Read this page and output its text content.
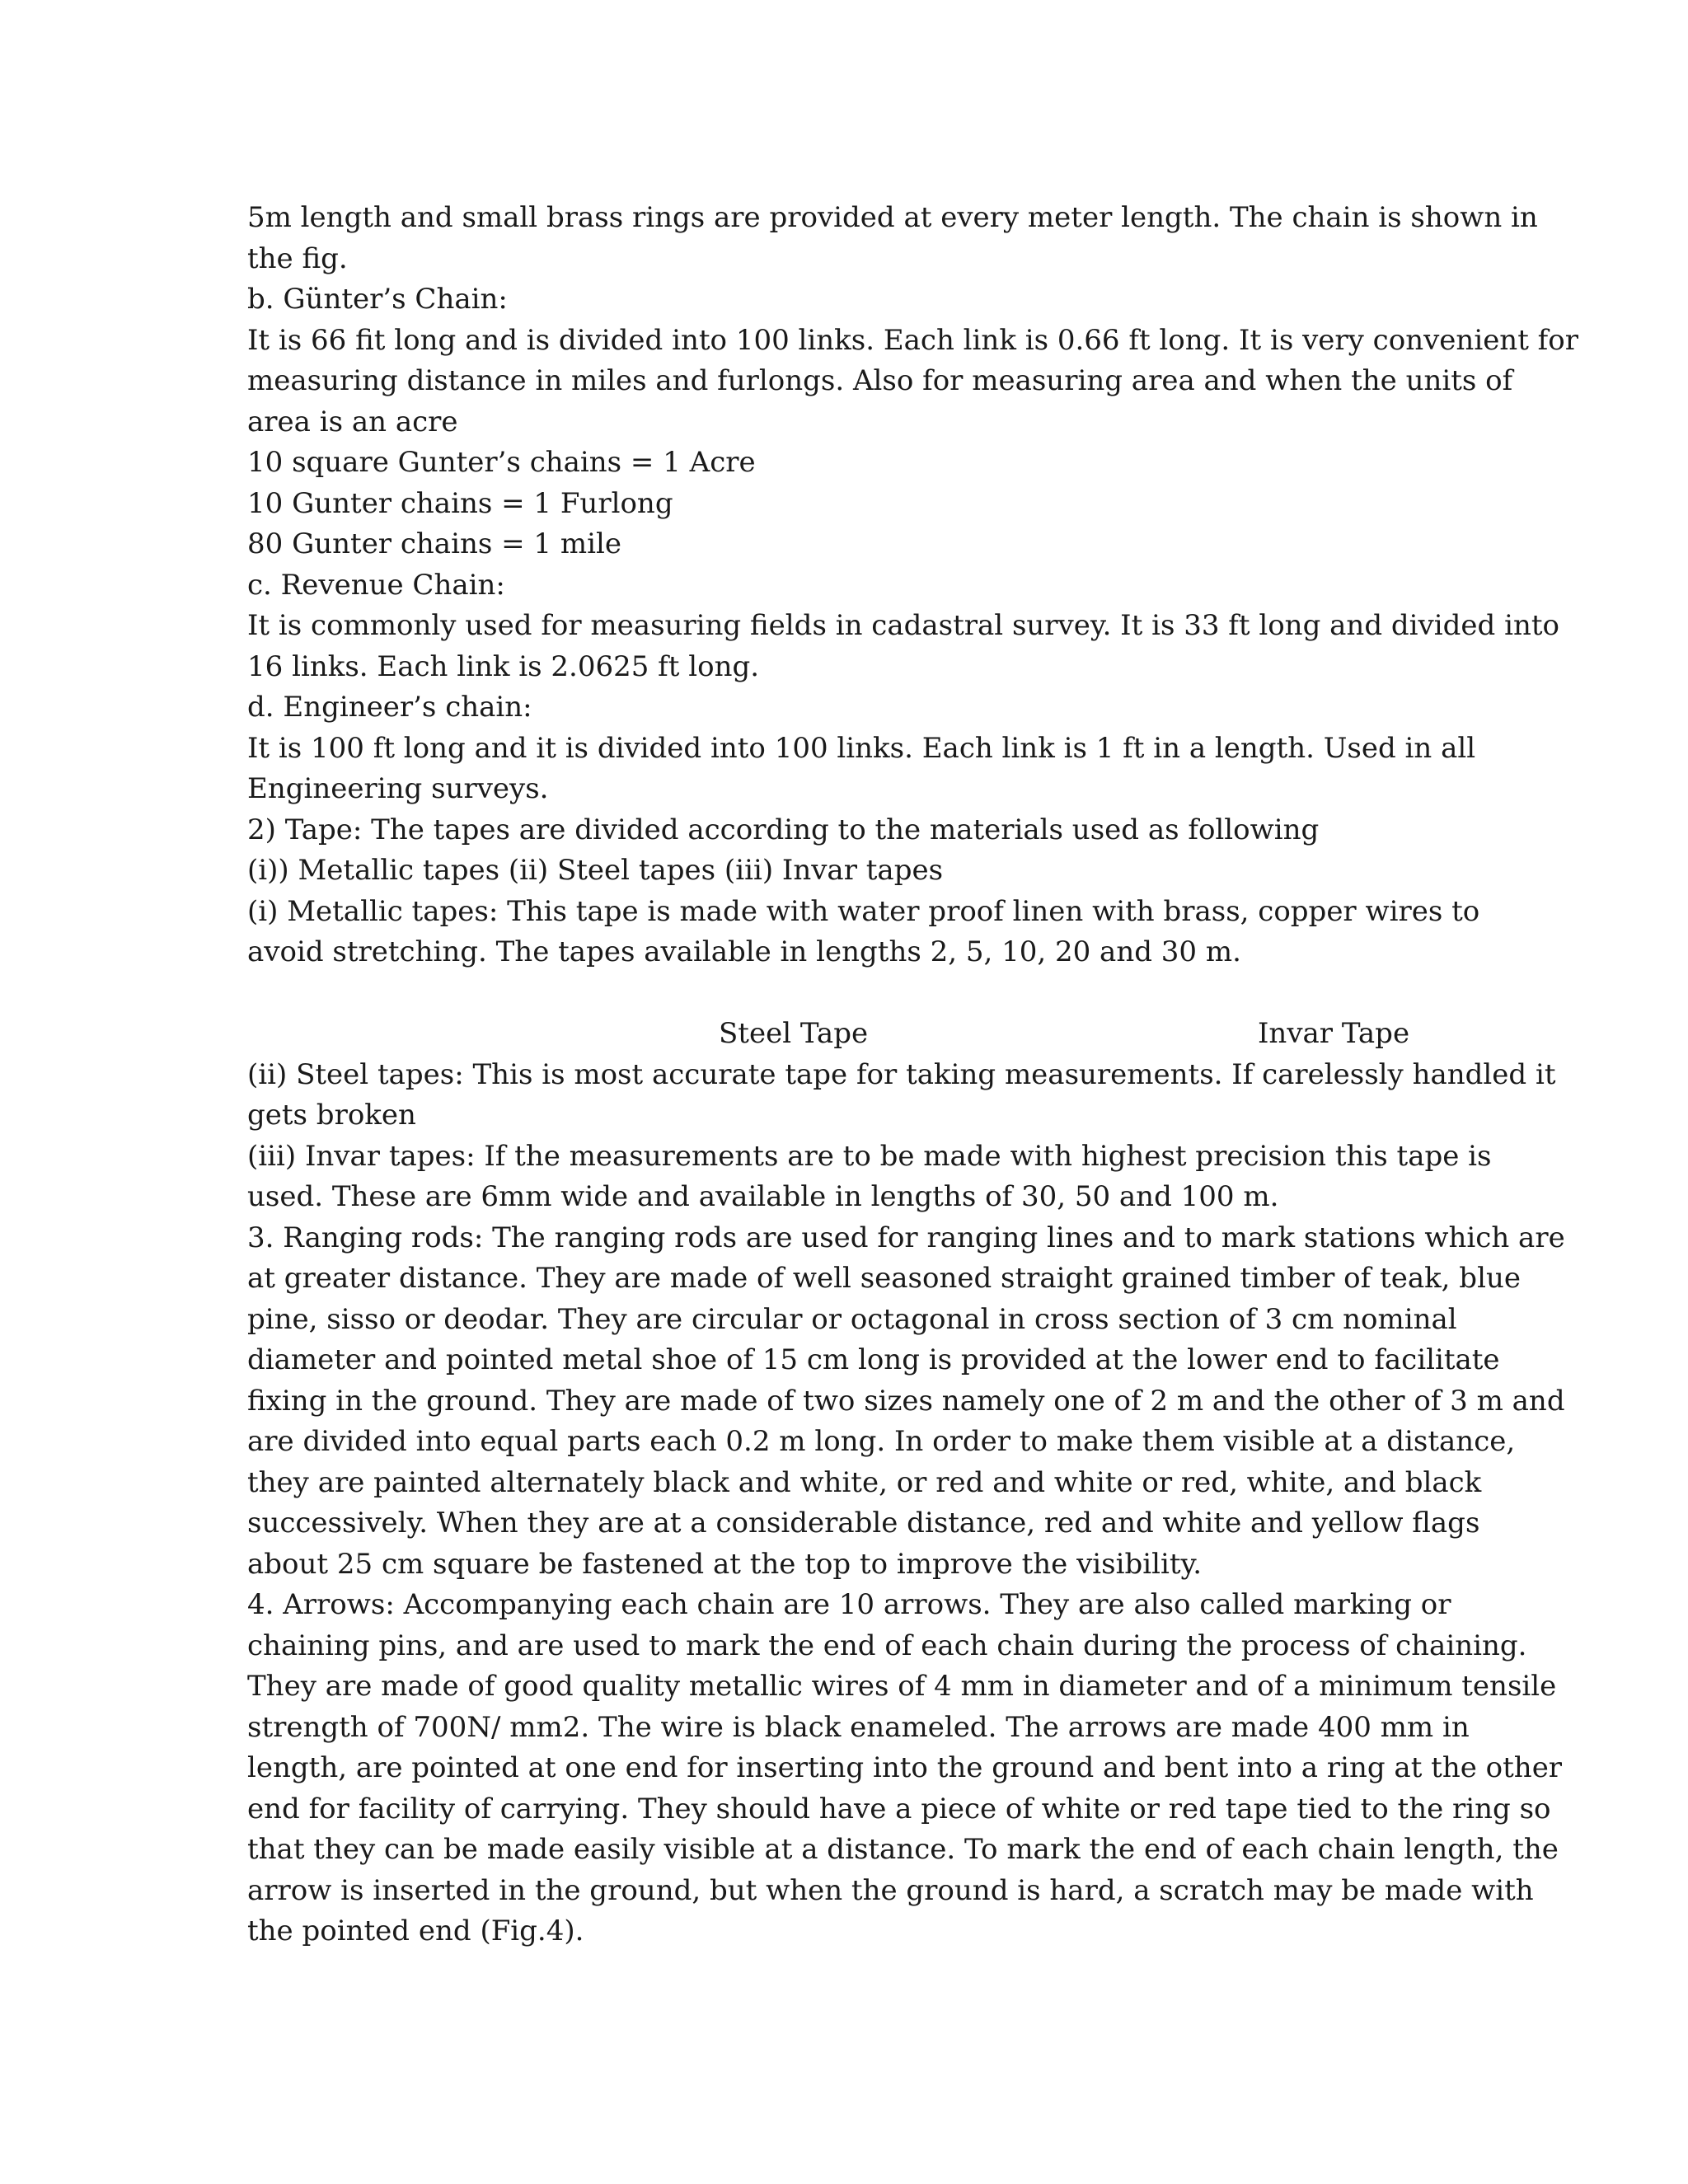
5m length and small brass rings are provided at every meter length. The chain is shown in
the fig.
b. Günter’s Chain:
It is 66 fit long and is divided into 100 links. Each link is 0.66 ft long. It is very convenient for
measuring distance in miles and furlongs. Also for measuring area and when the units of
area is an acre
10 square Gunter’s chains = 1 Acre
10 Gunter chains = 1 Furlong
80 Gunter chains = 1 mile
c. Revenue Chain:
It is commonly used for measuring fields in cadastral survey. It is 33 ft long and divided into
16 links. Each link is 2.0625 ft long.
d. Engineer’s chain:
It is 100 ft long and it is divided into 100 links. Each link is 1 ft in a length. Used in all
Engineering surveys.
2) Tape: The tapes are divided according to the materials used as following
(i)) Metallic tapes (ii) Steel tapes (iii) Invar tapes
(i) Metallic tapes: This tape is made with water proof linen with brass, copper wires to
avoid stretching. The tapes available in lengths 2, 5, 10, 20 and 30 m.
Steel Tape	Invar Tape
(ii) Steel tapes: This is most accurate tape for taking measurements. If carelessly handled it
gets broken
(iii) Invar tapes: If the measurements are to be made with highest precision this tape is
used. These are 6mm wide and available in lengths of 30, 50 and 100 m.
3. Ranging rods: The ranging rods are used for ranging lines and to mark stations which are
at greater distance. They are made of well seasoned straight grained timber of teak, blue
pine, sisso or deodar. They are circular or octagonal in cross section of 3 cm nominal
diameter and pointed metal shoe of 15 cm long is provided at the lower end to facilitate
fixing in the ground. They are made of two sizes namely one of 2 m and the other of 3 m and
are divided into equal parts each 0.2 m long. In order to make them visible at a distance,
they are painted alternately black and white, or red and white or red, white, and black
successively. When they are at a considerable distance, red and white and yellow flags
about 25 cm square be fastened at the top to improve the visibility.
4. Arrows: Accompanying each chain are 10 arrows. They are also called marking or
chaining pins, and are used to mark the end of each chain during the process of chaining.
They are made of good quality metallic wires of 4 mm in diameter and of a minimum tensile
strength of 700N/ mm2. The wire is black enameled. The arrows are made 400 mm in
length, are pointed at one end for inserting into the ground and bent into a ring at the other
end for facility of carrying. They should have a piece of white or red tape tied to the ring so
that they can be made easily visible at a distance. To mark the end of each chain length, the
arrow is inserted in the ground, but when the ground is hard, a scratch may be made with
the pointed end (Fig.4).
